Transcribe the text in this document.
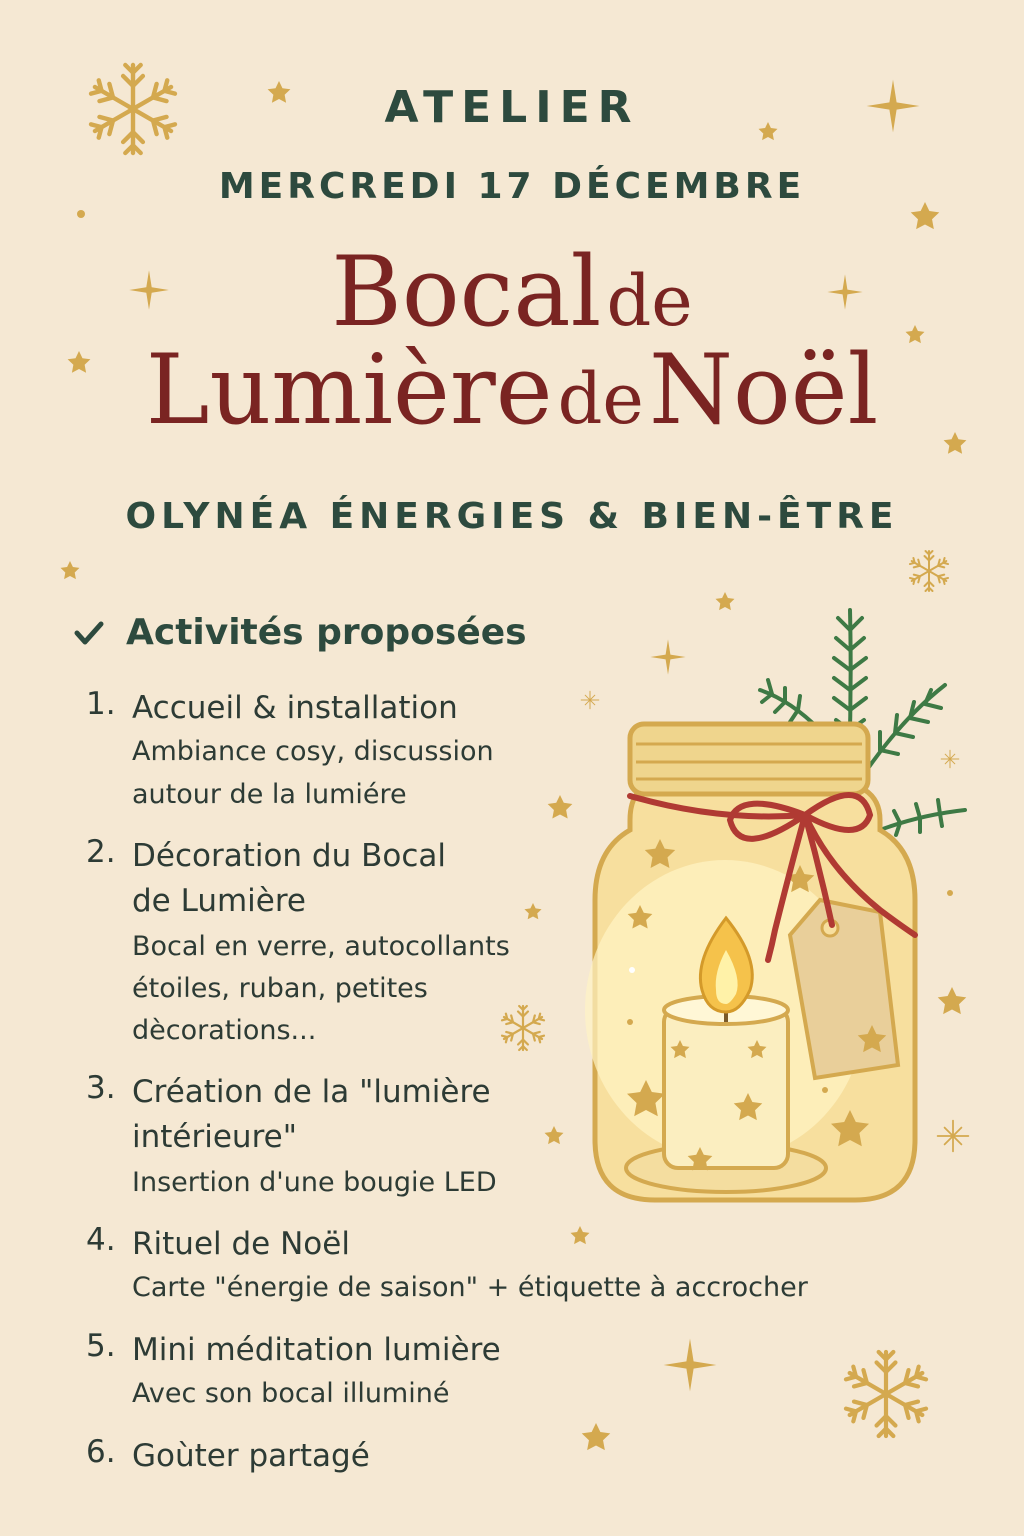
ATELIER
MERCREDI 17 DÉCEMBRE
Bocal de
Lumière de Noël
OLYNÉA ÉNERGIES & BIEN-ÊTRE
Activités proposées
1. Accueil & installation
Ambiance cosy, discussion
autour de la lumiére
2. Décoration du Bocal
de Lumière
Bocal en verre, autocollants
étoiles, ruban, petites
dècorations...
3. Création de la "lumière
intérieure"
Insertion d'une bougie LED
4. Rituel de Noël
Carte "énergie de saison" + étiquette à accrocher
5. Mini méditation lumière
Avec son bocal illuminé
6. Goùter partagé
